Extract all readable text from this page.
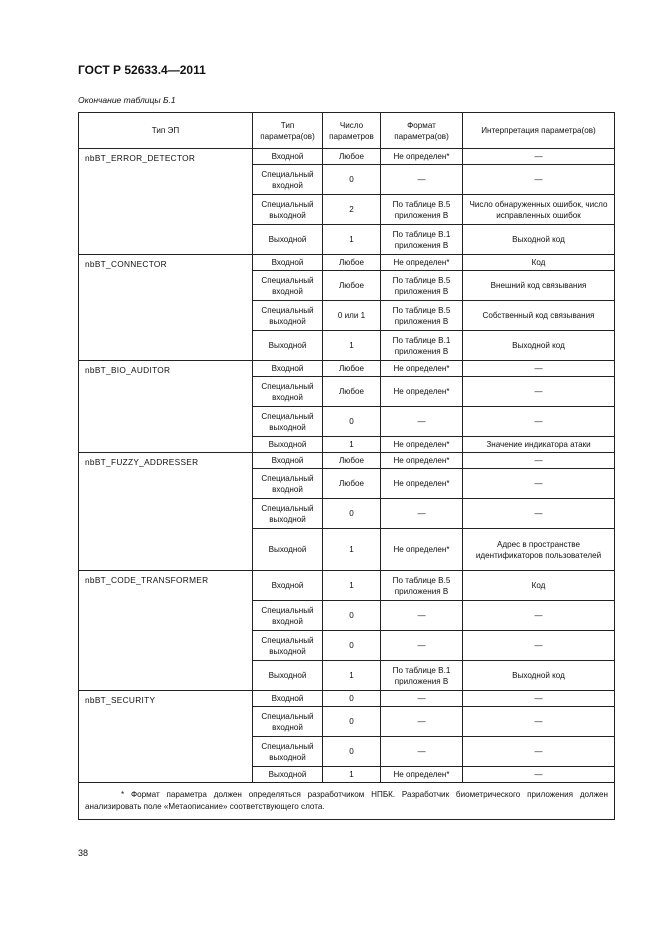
ГОСТ Р 52633.4—2011
Окончание таблицы Б.1
Тип ЭП	Тип параметра(ов)	Число параметров	Формат параметра(ов)	Интерпретация параметра(ов)
nbBT_ERROR_DETECTOR	Входной	Любое	Не определен*	—
	Специальный входной	0	—	—
	Специальный выходной	2	По таблице В.5 приложения В	Число обнаруженных ошибок, число исправленных ошибок
	Выходной	1	По таблице В.1 приложения В	Выходной код
nbBT_CONNECTOR	Входной	Любое	Не определен*	Код
	Специальный входной	Любое	По таблице В.5 приложения В	Внешний код связывания
	Специальный выходной	0 или 1	По таблице В.5 приложения В	Собственный код связывания
	Выходной	1	По таблице В.1 приложения В	Выходной код
nbBT_BIO_AUDITOR	Входной	Любое	Не определен*	—
	Специальный входной	Любое	Не определен*	—
	Специальный выходной	0	—	—
	Выходной	1	Не определен*	Значение индикатора атаки
nbBT_FUZZY_ADDRESSER	Входной	Любое	Не определен*	—
	Специальный входной	Любое	Не определен*	—
	Специальный выходной	0	—	—
	Выходной	1	Не определен*	Адрес в пространстве идентификаторов пользователей
nbBT_CODE_TRANSFORMER	Входной	1	По таблице В.5 приложения В	Код
	Специальный входной	0	—	—
	Специальный выходной	0	—	—
	Выходной	1	По таблице В.1 приложения В	Выходной код
nbBT_SECURITY	Входной	0	—	—
	Специальный входной	0	—	—
	Специальный выходной	0	—	—
	Выходной	1	Не определен*	—
* Формат параметра должен определяться разработчиком НПБК. Разработчик биометрического приложения должен анализировать поле «Метаописание» соответствующего слота.				
38
